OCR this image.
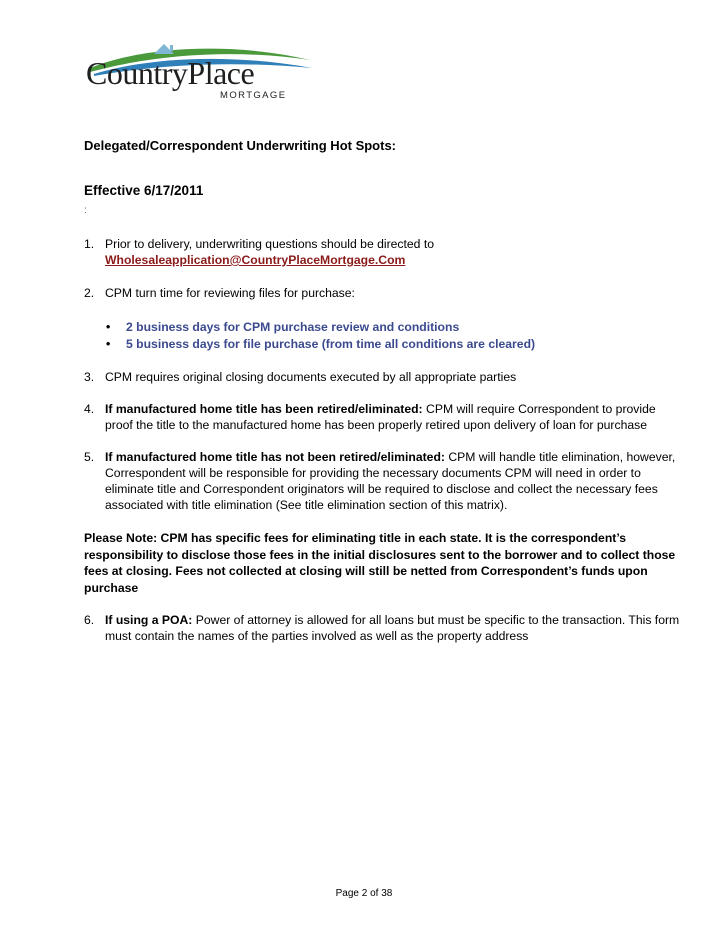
CountryPlace
MORTGAGE
Delegated/Correspondent Underwriting Hot Spots:
Effective 6/17/2011
:
1. Prior to delivery, underwriting questions should be directed to
Wholesaleapplication@CountryPlaceMortgage.Com
2. CPM turn time for reviewing files for purchase:
• 2 business days for CPM purchase review and conditions
• 5 business days for file purchase (from time all conditions are cleared)
3. CPM requires original closing documents executed by all appropriate parties
4. If manufactured home title has been retired/eliminated: CPM will require Correspondent to provide proof the title to the manufactured home has been properly retired upon delivery of loan for purchase
5. If manufactured home title has not been retired/eliminated: CPM will handle title elimination, however, Correspondent will be responsible for providing the necessary documents CPM will need in order to eliminate title and Correspondent originators will be required to disclose and collect the necessary fees associated with title elimination (See title elimination section of this matrix).
Please Note: CPM has specific fees for eliminating title in each state. It is the correspondent’s responsibility to disclose those fees in the initial disclosures sent to the borrower and to collect those fees at closing. Fees not collected at closing will still be netted from Correspondent’s funds upon purchase
6. If using a POA: Power of attorney is allowed for all loans but must be specific to the transaction. This form must contain the names of the parties involved as well as the property address
Page 2 of 38
